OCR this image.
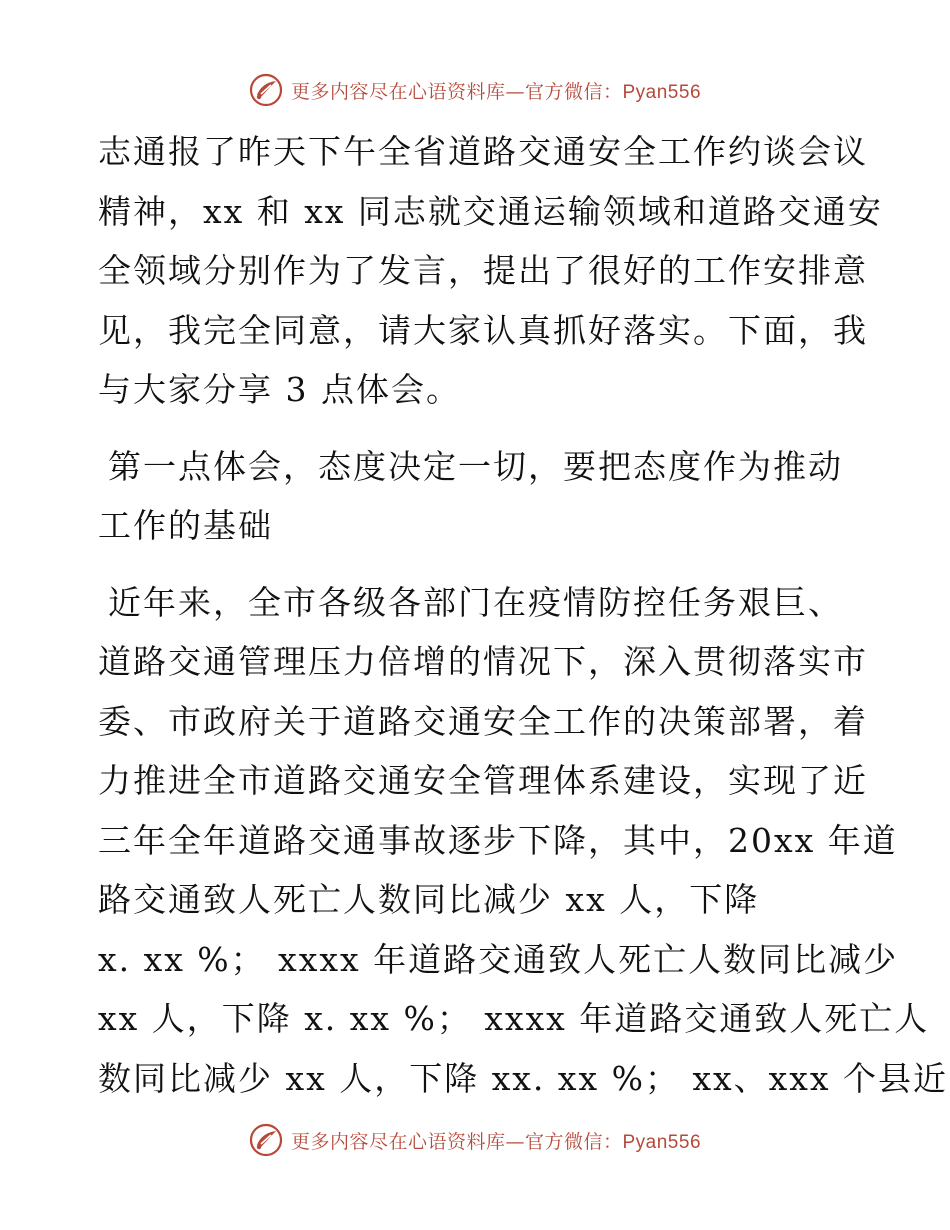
更多内容尽在心语资料库—官方微信：Pyan556

志通报了昨天下午全省道路交通安全工作约谈会议
精神，xx 和 xx 同志就交通运输领域和道路交通安
全领域分别作为了发言，提出了很好的工作安排意
见，我完全同意，请大家认真抓好落实。下面，我
与大家分享 3 点体会。

第一点体会，态度决定一切，要把态度作为推动
工作的基础

近年来，全市各级各部门在疫情防控任务艰巨、
道路交通管理压力倍增的情况下，深入贯彻落实市
委、市政府关于道路交通安全工作的决策部署，着
力推进全市道路交通安全管理体系建设，实现了近
三年全年道路交通事故逐步下降，其中，20xx 年道
路交通致人死亡人数同比减少 xx 人，下降
x. xx %； xxxx 年道路交通致人死亡人数同比减少
xx 人，下降 x. xx %； xxxx 年道路交通致人死亡人
数同比减少 xx 人，下降 xx. xx %； xx、xxx 个县近

更多内容尽在心语资料库—官方微信：Pyan556
